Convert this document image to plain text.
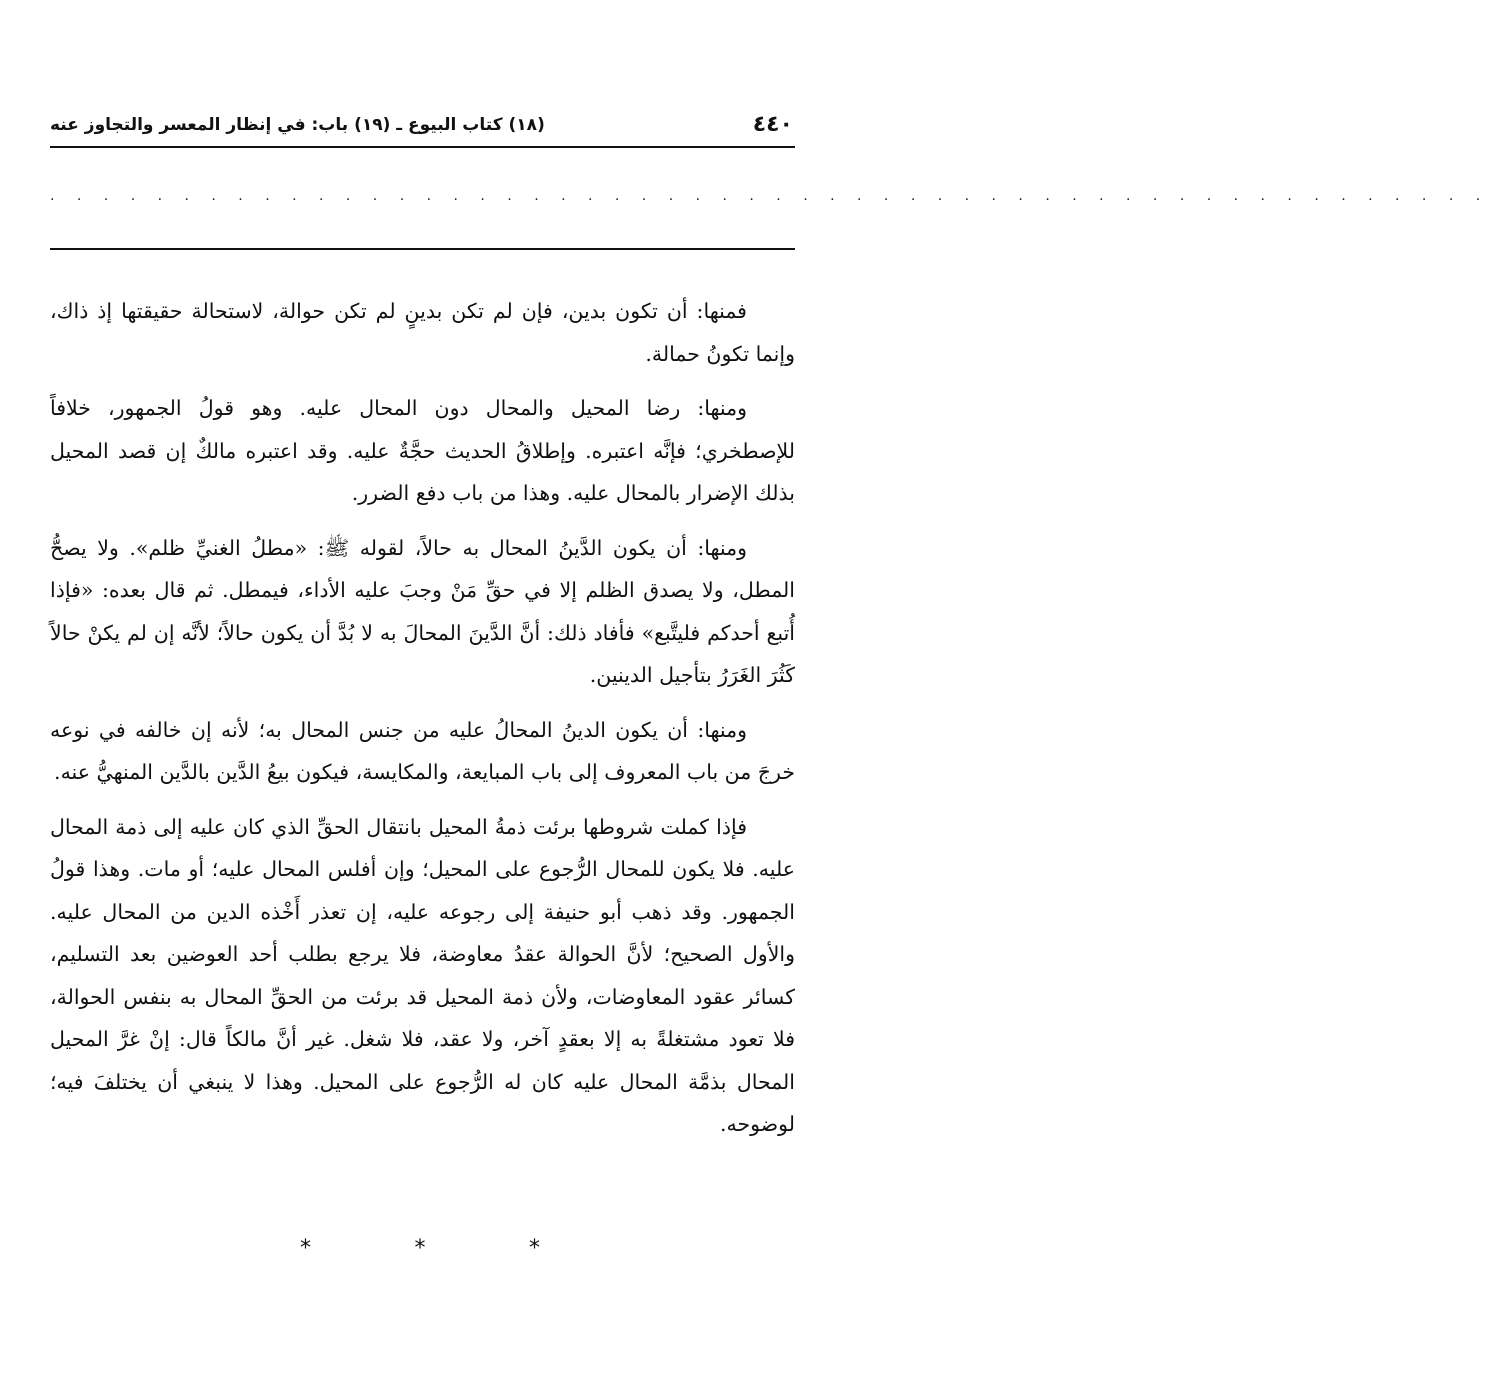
٤٤٠
(١٨) كتاب البيوع ـ (١٩) باب: في إنظار المعسر والتجاوز عنه
. . . . . . . . . . . . . . . . . . . . . . . . . . . . . . . . . . . . . . . . . . . . . . . . . . . . . .

فمنها: أن تكون بدين، فإن لم تكن بدينٍ لم تكن حوالة، لاستحالة حقيقتها إذ ذاك، وإنما تكونُ حمالة.

ومنها: رضا المحيل والمحال دون المحال عليه. وهو قولُ الجمهور، خلافاً للإصطخري؛ فإنَّه اعتبره. وإطلاقُ الحديث حجَّةٌ عليه. وقد اعتبره مالكٌ إن قصد المحيل بذلك الإضرار بالمحال عليه. وهذا من باب دفع الضرر.

ومنها: أن يكون الدَّينُ المحال به حالاً، لقوله ﷺ: «مطلُ الغنيِّ ظلم». ولا يصحُّ المطل، ولا يصدق الظلم إلا في حقِّ مَنْ وجبَ عليه الأداء، فيمطل. ثم قال بعده: «فإذا أُتبع أحدكم فليتَّبع» فأفاد ذلك: أنَّ الدَّينَ المحالَ به لا بُدَّ أن يكون حالاً؛ لأنَّه إن لم يكنْ حالاً كَثُرَ الغَرَرُ بتأجيل الدينين.

ومنها: أن يكون الدينُ المحالُ عليه من جنس المحال به؛ لأنه إن خالفه في نوعه خرجَ من باب المعروف إلى باب المبايعة، والمكايسة، فيكون بيعُ الدَّين بالدَّين المنهيُّ عنه.

فإذا كملت شروطها برئت ذمةُ المحيل بانتقال الحقِّ الذي كان عليه إلى ذمة المحال عليه. فلا يكون للمحال الرُّجوع على المحيل؛ وإن أفلس المحال عليه؛ أو مات. وهذا قولُ الجمهور. وقد ذهب أبو حنيفة إلى رجوعه عليه، إن تعذر أَخْذه الدين من المحال عليه. والأول الصحيح؛ لأنَّ الحوالة عقدُ معاوضة، فلا يرجع بطلب أحد العوضين بعد التسليم، كسائر عقود المعاوضات، ولأن ذمة المحيل قد برئت من الحقِّ المحال به بنفس الحوالة، فلا تعود مشتغلةً به إلا بعقدٍ آخر، ولا عقد، فلا شغل. غير أنَّ مالكاً قال: إنْ غرَّ المحيل المحال بذمَّة المحال عليه كان له الرُّجوع على المحيل. وهذا لا ينبغي أن يختلفَ فيه؛ لوضوحه.

*
*
*
